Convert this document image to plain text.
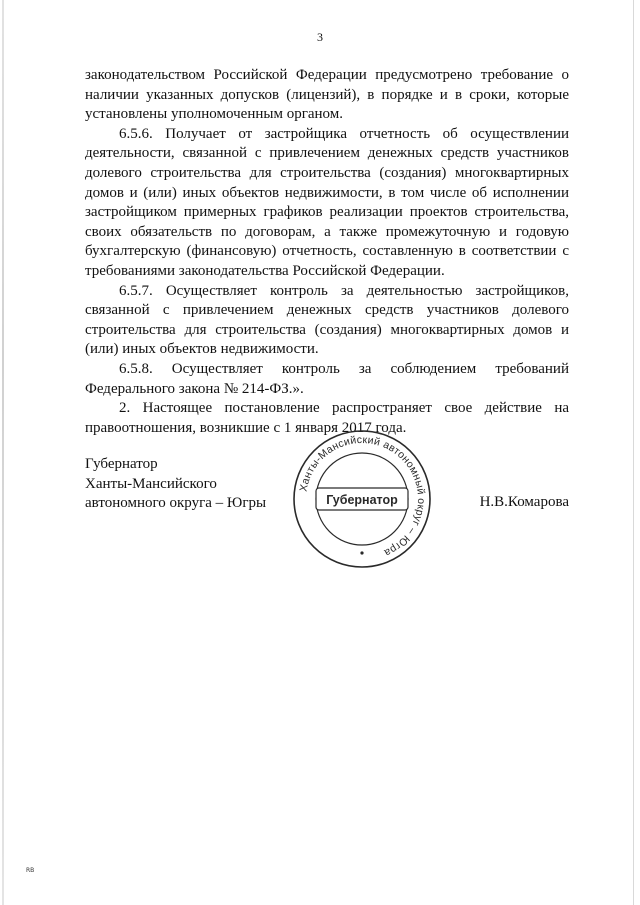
3

законодательством Российской Федерации предусмотрено требование о наличии указанных допусков (лицензий), в порядке и в сроки, которые установлены уполномоченным органом.

6.5.6. Получает от застройщика отчетность об осуществлении деятельности, связанной с привлечением денежных средств участников долевого строительства для строительства (создания) многоквартирных домов и (или) иных объектов недвижимости, в том числе об исполнении застройщиком примерных графиков реализации проектов строительства, своих обязательств по договорам, а также промежуточную и годовую бухгалтерскую (финансовую) отчетность, составленную в соответствии с требованиями законодательства Российской Федерации.

6.5.7. Осуществляет контроль за деятельностью застройщиков, связанной с привлечением денежных средств участников долевого строительства для строительства (создания) многоквартирных домов и (или) иных объектов недвижимости.

6.5.8. Осуществляет контроль за соблюдением требований

Федерального закона № 214-ФЗ.».

2. Настоящее постановление распространяет свое действие на правоотношения, возникшие с 1 января 2017 года.

Губернатор
Ханты-Мансийского
автономного округа – Югры
Ханты-Мансийский автономный округ – Югра
Губернатор	Н.В.Комарова
RB
